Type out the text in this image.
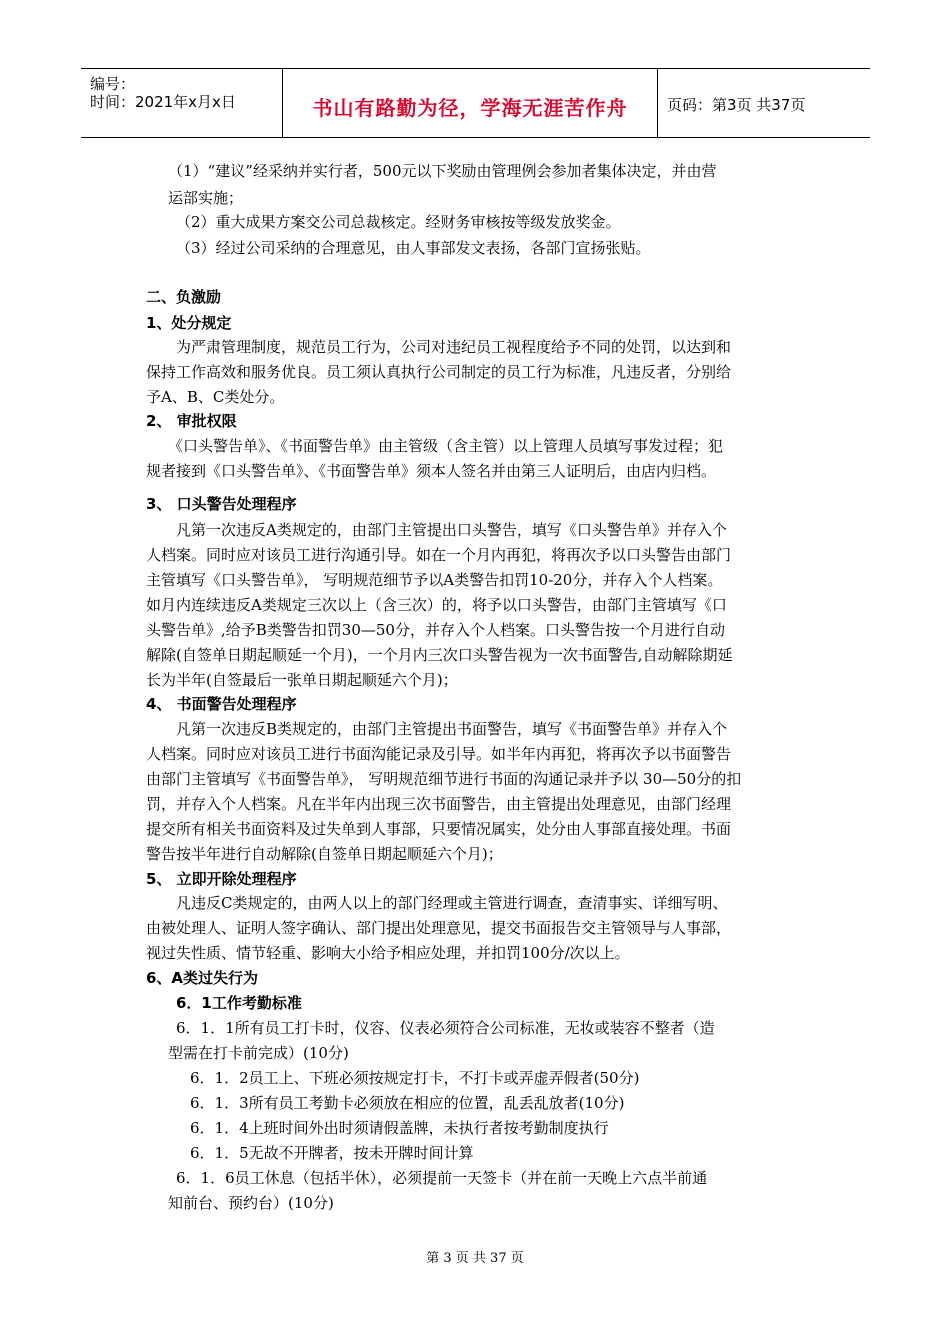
编号：
时间：2021年x月x日	书山有路勤为径，学海无涯苦作舟	页码：第3页 共37页
（1）“建议”经采纳并实行者，500元以下奖励由管理例会参加者集体决定，并由营
运部实施；
（2）重大成果方案交公司总裁核定。经财务审核按等级发放奖金。
（3）经过公司采纳的合理意见，由人事部发文表扬，各部门宣扬张贴。
二、负激励
1、处分规定
为严肃管理制度，规范员工行为，公司对违纪员工视程度给予不同的处罚，以达到和
保持工作高效和服务优良。员工须认真执行公司制定的员工行为标准，凡违反者，分别给
予A、B、C类处分。
2、 审批权限
《口头警告单》、《书面警告单》由主管级（含主管）以上管理人员填写事发过程；犯
规者接到《口头警告单》、《书面警告单》须本人签名并由第三人证明后，由店内归档。
3、 口头警告处理程序
凡第一次违反A类规定的，由部门主管提出口头警告，填写《口头警告单》并存入个
人档案。同时应对该员工进行沟通引导。如在一个月内再犯，将再次予以口头警告由部门
主管填写《口头警告单》， 写明规范细节予以A类警告扣罚10-20分，并存入个人档案。
如月内连续违反A类规定三次以上（含三次）的，将予以口头警告，由部门主管填写《口
头警告单》,给予B类警告扣罚30—50分，并存入个人档案。口头警告按一个月进行自动
解除(自签单日期起顺延一个月)，一个月内三次口头警告视为一次书面警告,自动解除期延
长为半年(自签最后一张单日期起顺延六个月)；
4、 书面警告处理程序
凡第一次违反B类规定的，由部门主管提出书面警告，填写《书面警告单》并存入个
人档案。同时应对该员工进行书面沟能记录及引导。如半年内再犯，将再次予以书面警告
由部门主管填写《书面警告单》， 写明规范细节进行书面的沟通记录并予以 30—50分的扣
罚，并存入个人档案。凡在半年内出现三次书面警告，由主管提出处理意见，由部门经理
提交所有相关书面资料及过失单到人事部，只要情况属实，处分由人事部直接处理。书面
警告按半年进行自动解除(自签单日期起顺延六个月)；
5、 立即开除处理程序
凡违反C类规定的，由两人以上的部门经理或主管进行调查，查清事实、详细写明、
由被处理人、证明人签字确认、部门提出处理意见，提交书面报告交主管领导与人事部，
视过失性质、情节轻重、影响大小给予相应处理，并扣罚100分/次以上。
6、A类过失行为
6．1工作考勤标准
6．1．1所有员工打卡时，仪容、仪表必须符合公司标准，无妆或装容不整者（造
型需在打卡前完成）(10分)
6．1．2员工上、下班必须按规定打卡，不打卡或弄虚弄假者(50分)
6．1．3所有员工考勤卡必须放在相应的位置，乱丢乱放者(10分)
6．1．4上班时间外出时须请假盖牌，未执行者按考勤制度执行
6．1．5无故不开牌者，按未开牌时间计算
6．1．6员工休息（包括半休），必须提前一天签卡（并在前一天晚上六点半前通
知前台、预约台）(10分)
第 3 页 共 37 页
